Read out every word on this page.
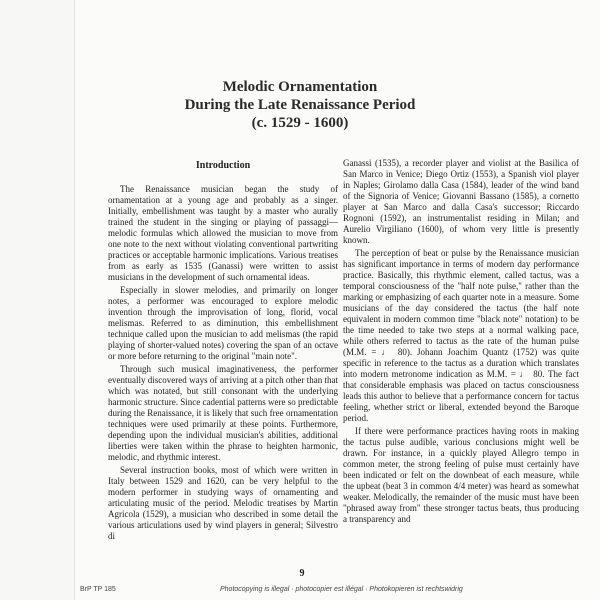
Melodic Ornamentation
During the Late Renaissance Period
(c. 1529 - 1600)
Introduction

The Renaissance musician began the study of ornamentation at a young age and probably as a singer. Initially, embellishment was taught by a master who aurally trained the student in the singing or playing of passaggi—melodic formulas which allowed the musician to move from one note to the next without violating conventional partwriting practices or acceptable harmonic implications. Various treatises from as early as 1535 (Ganassi) were written to assist musicians in the development of such ornamental ideas.

Especially in slower melodies, and primarily on longer notes, a performer was encouraged to explore melodic invention through the improvisation of long, florid, vocal melismas. Referred to as diminution, this embellishment technique called upon the musician to add melismas (the rapid playing of shorter-valued notes) covering the span of an octave or more before returning to the original "main note".

Through such musical imaginativeness, the performer eventually discovered ways of arriving at a pitch other than that which was notated, but still consonant with the underlying harmonic structure. Since cadential patterns were so predictable during the Renaissance, it is likely that such free ornamentation techniques were used primarily at these points. Furthermore, depending upon the individual musician's abilities, additional liberties were taken within the phrase to heighten harmonic, melodic, and rhythmic interest.

Several instruction books, most of which were written in Italy between 1529 and 1620, can be very helpful to the modern performer in studying ways of ornamenting and articulating music of the period. Melodic treatises by Martin Agricola (1529), a musician who described in some detail the various articulations used by wind players in general; Silvestro di

Ganassi (1535), a recorder player and violist at the Basilica of San Marco in Venice; Diego Ortiz (1553), a Spanish viol player in Naples; Girolamo dalla Casa (1584), leader of the wind band of the Signoria of Venice; Giovanni Bassano (1585), a cornetto player at San Marco and dalla Casa's successor; Riccardo Rognoni (1592), an instrumentalist residing in Milan; and Aurelio Virgiliano (1600), of whom very little is presently known.

The perception of beat or pulse by the Renaissance musician has significant importance in terms of modern day performance practice. Basically, this rhythmic element, called tactus, was a temporal consciousness of the "half note pulse," rather than the marking or emphasizing of each quarter note in a measure. Some musicians of the day considered the tactus (the half note equivalent in modern common time "black note" notation) to be the time needed to take two steps at a normal walking pace, while others referred to tactus as the rate of the human pulse (M.M. = ♩ 80). Johann Joachim Quantz (1752) was quite specific in reference to the tactus as a duration which translates into modern metronome indication as M.M. = ♩ 80. The fact that considerable emphasis was placed on tactus consciousness leads this author to believe that a performance concern for tactus feeling, whether strict or liberal, extended beyond the Baroque period.

If there were performance practices having roots in making the tactus pulse audible, various conclusions might well be drawn. For instance, in a quickly played Allegro tempo in common meter, the strong feeling of pulse must certainly have been indicated or felt on the downbeat of each measure, while the upbeat (beat 3 in common 4/4 meter) was heard as somewhat weaker. Melodically, the remainder of the music must have been "phrased away from" these stronger tactus beats, thus producing a transparency and

9
BrP TP 185	Photocopying is illegal · photocopier est illégal · Photokopieren ist rechtswidrig
